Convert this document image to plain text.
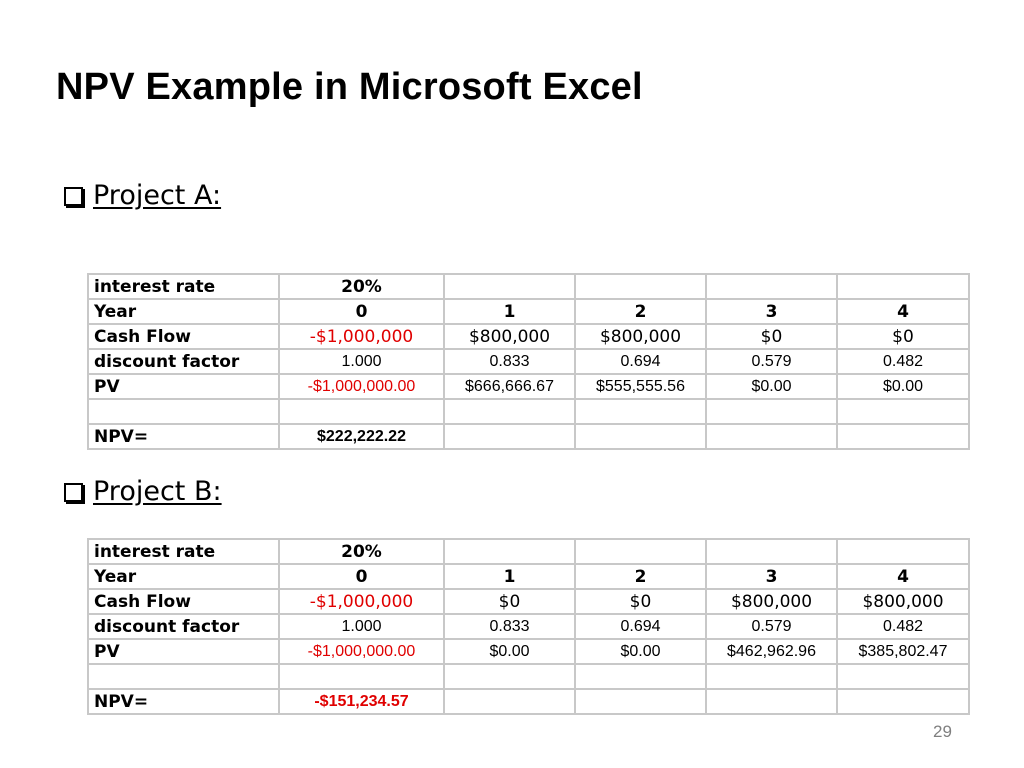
NPV Example in Microsoft Excel
Project A:
interest rate	20%				
Year	0	1	2	3	4
Cash Flow	-$1,000,000	$800,000	$800,000	$0	$0
discount factor	1.000	0.833	0.694	0.579	0.482
PV	-$1,000,000.00	$666,666.67	$555,555.56	$0.00	$0.00

NPV=	$222,222.22				
Project B:
interest rate	20%				
Year	0	1	2	3	4
Cash Flow	-$1,000,000	$0	$0	$800,000	$800,000
discount factor	1.000	0.833	0.694	0.579	0.482
PV	-$1,000,000.00	$0.00	$0.00	$462,962.96	$385,802.47

NPV=	-$151,234.57				
29
